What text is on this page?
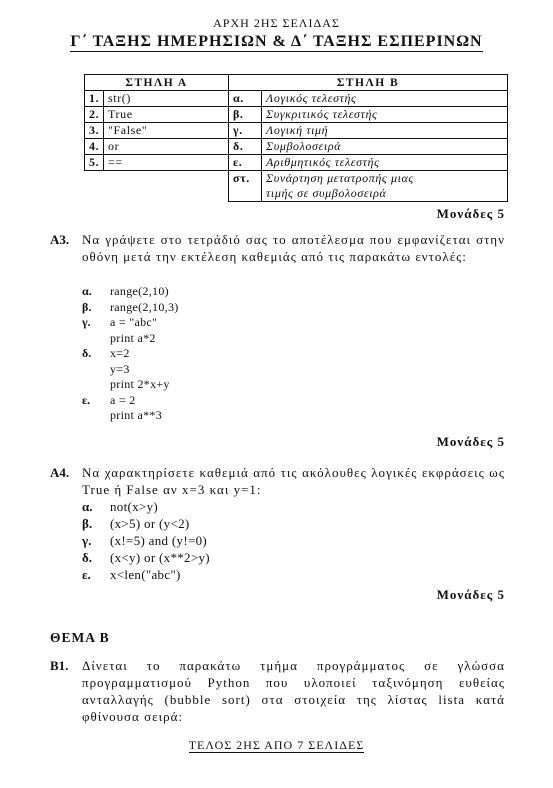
ΑΡΧΗ 2ΗΣ ΣΕΛΙΔΑΣ
Γ΄ ΤΑΞΗΣ ΗΜΕΡΗΣΙΩΝ & Δ΄ ΤΑΞΗΣ ΕΣΠΕΡΙΝΩΝ
ΣΤΗΛΗ Α		ΣΤΗΛΗ Β	
1.	str()	α.	Λογικός τελεστής
2.	True	β.	Συγκριτικός τελεστής
3.	"False"	γ.	Λογική τιμή
4.	or	δ.	Συμβολοσειρά
5.	==	ε.	Αριθμητικός τελεστής
		στ.	Συνάρτηση μετατροπής μιας
τιμής σε συμβολοσειρά
Μονάδες 5
Α3. Να γράψετε στο τετράδιό σας το αποτέλεσμα που εμφανίζεται στην οθόνη μετά την εκτέλεση καθεμιάς από τις παρακάτω εντολές:
α.	range(2,10)
β.	range(2,10,3)
γ.	a = "abc"
print a*2
δ.	x=2
y=3
print 2*x+y
ε.	a = 2
print a**3
Μονάδες 5
Α4. Να χαρακτηρίσετε καθεμιά από τις ακόλουθες λογικές εκφράσεις ως True ή False αν x=3 και y=1:
α.	not(x>y)
β.	(x>5) or (y<2)
γ.	(x!=5) and (y!=0)
δ.	(x<y) or (x**2>y)
ε.	x<len("abc")
Μονάδες 5
ΘΕΜΑ Β
Β1. Δίνεται το παρακάτω τμήμα προγράμματος σε γλώσσα προγραμματισμού Python που υλοποιεί ταξινόμηση ευθείας ανταλλαγής (bubble sort) στα στοιχεία της λίστας lista κατά φθίνουσα σειρά:
ΤΕΛΟΣ 2ΗΣ ΑΠΟ 7 ΣΕΛΙΔΕΣ
